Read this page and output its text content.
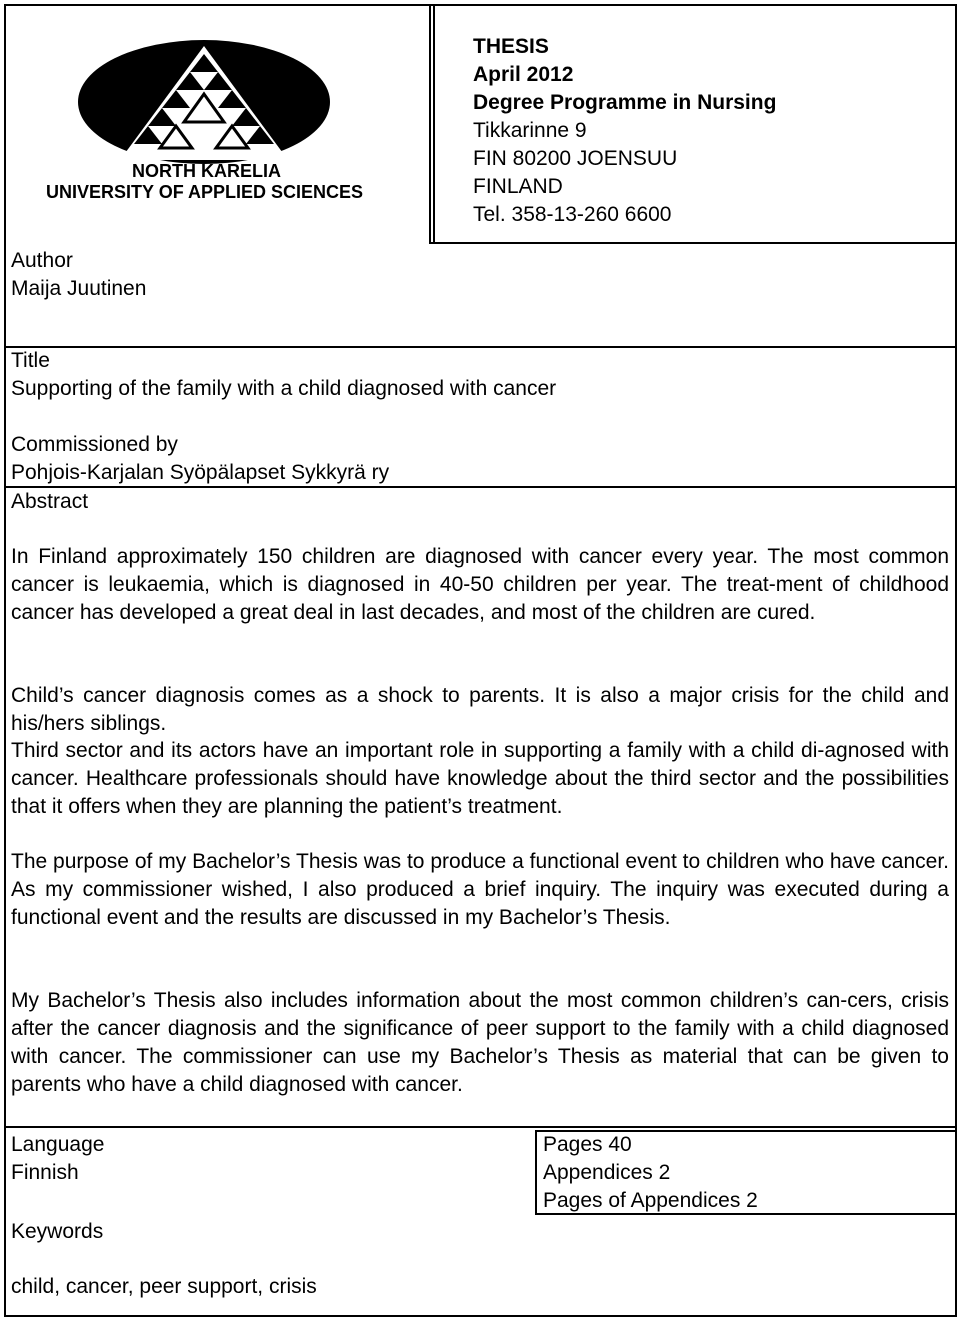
NORTH KARELIA
UNIVERSITY OF APPLIED SCIENCES
THESIS
April 2012
Degree Programme in Nursing
Tikkarinne 9
FIN 80200 JOENSUU
FINLAND
Tel. 358-13-260 6600
Author
Maija Juutinen
Title
Supporting of the family with a child diagnosed with cancer
Commissioned by
Pohjois-Karjalan Syöpälapset Sykkyrä ry
Abstract
In Finland approximately 150 children are diagnosed with cancer every year. The most common cancer is leukaemia, which is diagnosed in 40-50 children per year. The treat-ment of childhood cancer has developed a great deal in last decades, and most of the children are cured.
Child’s cancer diagnosis comes as a shock to parents. It is also a major crisis for the child and his/hers siblings.
Third sector and its actors have an important role in supporting a family with a child di-agnosed with cancer. Healthcare professionals should have knowledge about the third sector and the possibilities that it offers when they are planning the patient’s treatment.
The purpose of my Bachelor’s Thesis was to produce a functional event to children who have cancer. As my commissioner wished, I also produced a brief inquiry. The inquiry was executed during a functional event and the results are discussed in my Bachelor’s Thesis.
My Bachelor’s Thesis also includes information about the most common children’s can-cers, crisis after the cancer diagnosis and the significance of peer support to the family with a child diagnosed with cancer. The commissioner can use my Bachelor’s Thesis as material that can be given to parents who have a child diagnosed with cancer.
Language
Finnish
Pages 40
Appendices 2
Pages of Appendices 2
Keywords
child, cancer, peer support, crisis
